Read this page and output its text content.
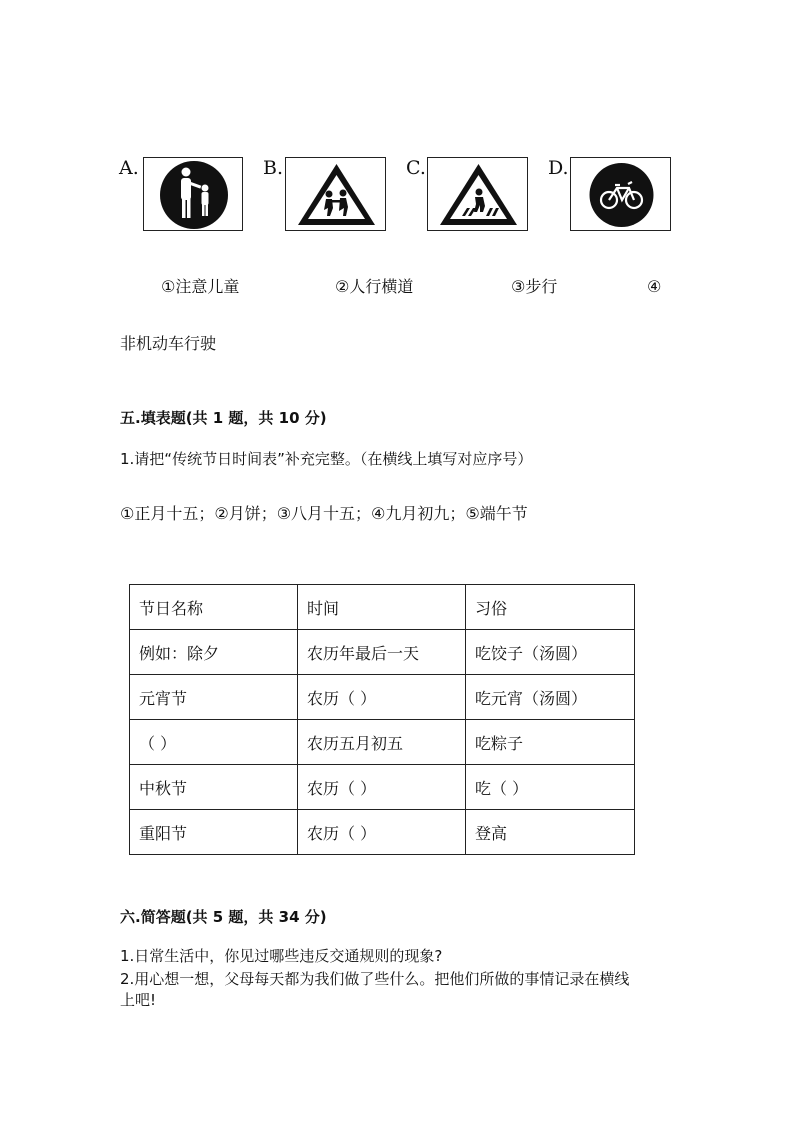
A.	B.	C.	D.
①注意儿童	②人行横道	③步行	④
非机动车行驶
五.填表题(共 1 题，共 10 分)
1.请把“传统节日时间表”补充完整。（在横线上填写对应序号）
①正月十五；②月饼；③八月十五；④九月初九；⑤端午节
节日名称	时间	习俗
例如：除夕	农历年最后一天	吃饺子（汤圆）
元宵节	农历（ ）	吃元宵（汤圆）
（ ）	农历五月初五	吃粽子
中秋节	农历（ ）	吃（ ）
重阳节	农历（ ）	登高
六.简答题(共 5 题，共 34 分)
1.日常生活中，你见过哪些违反交通规则的现象?
2.用心想一想，父母每天都为我们做了些什么。把他们所做的事情记录在横线
上吧!
